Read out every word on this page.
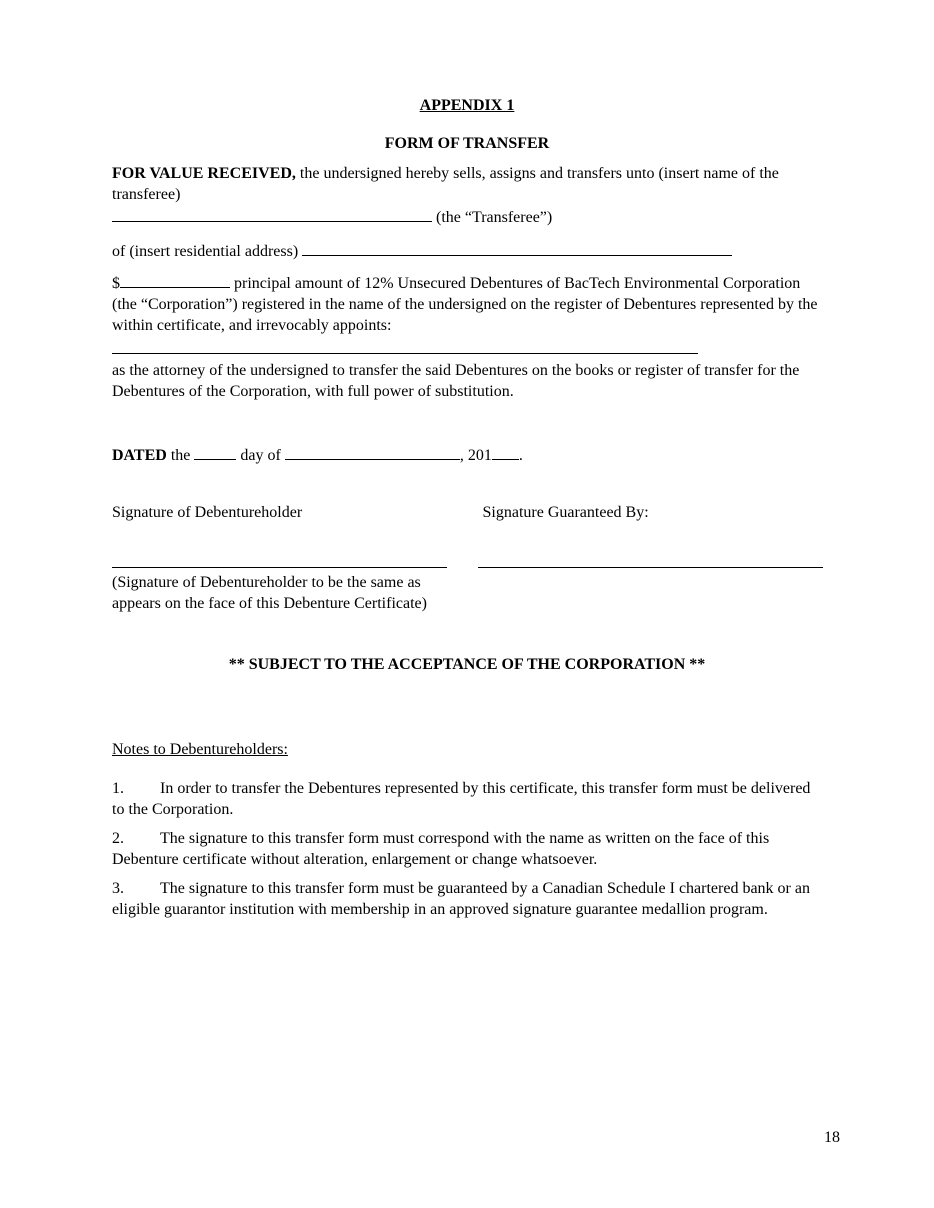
APPENDIX 1
FORM OF TRANSFER

FOR VALUE RECEIVED, the undersigned hereby sells, assigns and transfers unto (insert name of the transferee)
(the “Transferee”)

of (insert residential address)

$	principal amount of 12% Unsecured Debentures of BacTech Environmental Corporation (the “Corporation”) registered in the name of the undersigned on the register of Debentures represented by the within certificate, and irrevocably appoints:

as the attorney of the undersigned to transfer the said Debentures on the books or register of transfer for the Debentures of the Corporation, with full power of substitution.

DATED the	day of	, 201 .

Signature of Debentureholder	Signature Guaranteed By:

(Signature of Debentureholder to be the same as appears on the face of this Debenture Certificate)

** SUBJECT TO THE ACCEPTANCE OF THE CORPORATION **

Notes to Debentureholders:

1. In order to transfer the Debentures represented by this certificate, this transfer form must be delivered to the Corporation.

2. The signature to this transfer form must correspond with the name as written on the face of this Debenture certificate without alteration, enlargement or change whatsoever.

3. The signature to this transfer form must be guaranteed by a Canadian Schedule I chartered bank or an eligible guarantor institution with membership in an approved signature guarantee medallion program.

18
